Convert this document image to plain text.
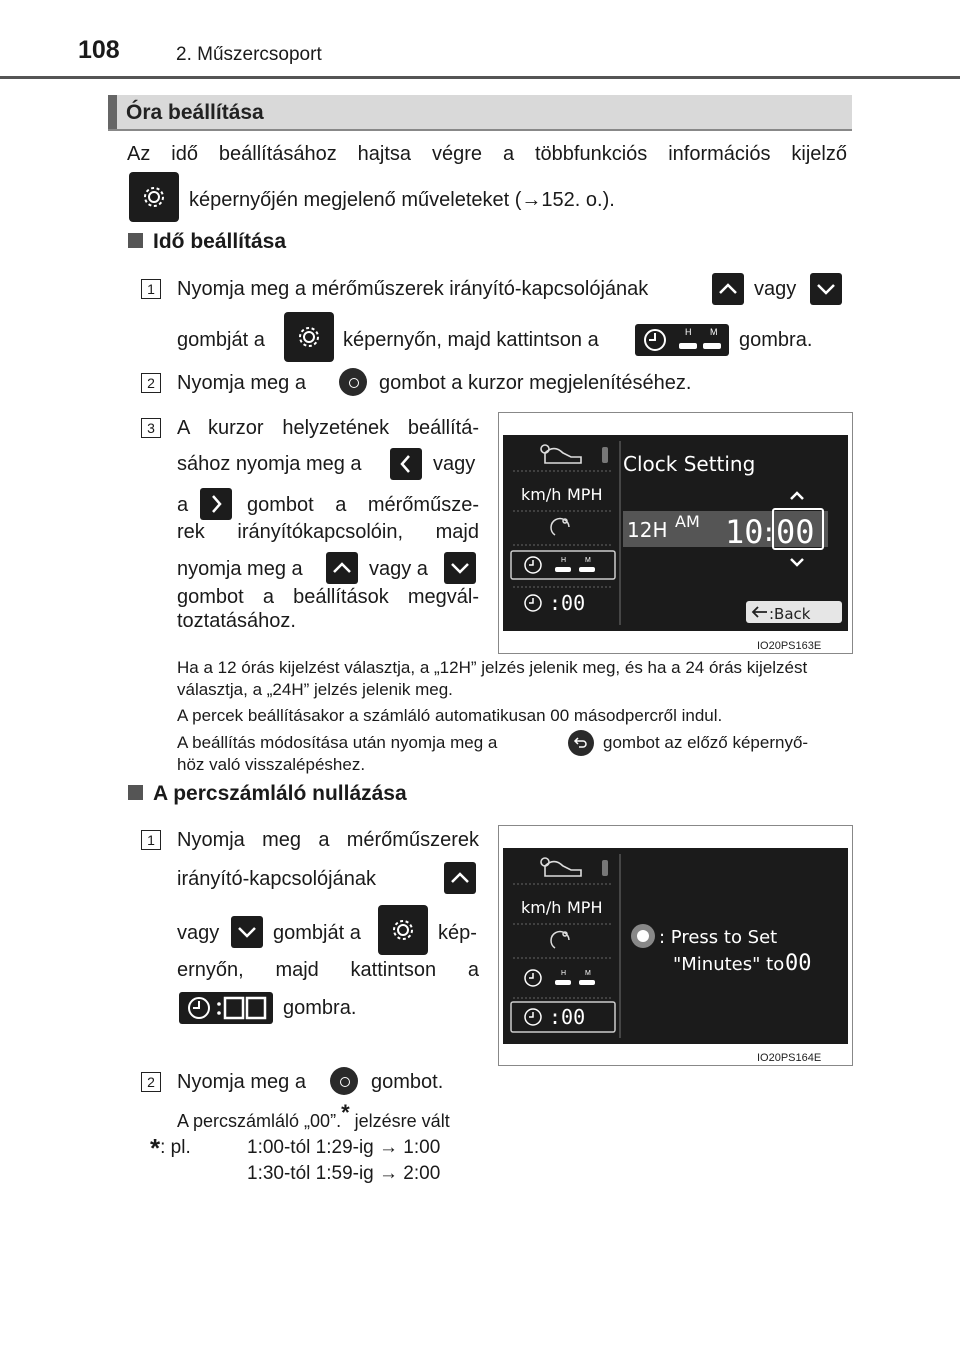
108	2. Műszercsoport
Óra beállítása
Az idő beállításához hajtsa végre a többfunkciós információs kijelző
képernyőjén megjelenő műveleteket (→152. o.).
Idő beállítása
1	Nyomja meg a mérőműszerek irányító-kapcsolójának	vagy
gombját a	képernyőn, majd kattintson a	H M gombra.
2	Nyomja meg a	gombot a kurzor megjelenítéséhez.
3	A kurzor helyzetének beállítá-
sához nyomja meg a	vagy
a	gombot a mérőműsze-
rek irányítókapcsolóin, majd
nyomja meg a	vagy a
gombot a beállítások megvál-
toztatásához.
km/h MPH
H	M
:00
Clock Setting
12H AM 10
: 00
:Back
IO20PS163E
Ha a 12 órás kijelzést választja, a „12H” jelzés jelenik meg, és ha a 24 órás kijelzést választja, a „24H” jelzés jelenik meg.
A percek beállításakor a számláló automatikusan 00 másodpercről indul.
A beállítás módosítása után nyomja meg a	gombot az előző képernyő-
höz való visszalépéshez.
A percszámláló nullázása
1	Nyomja meg a mérőműszerek
irányító-kapcsolójának
vagy	gombját a	kép-
ernyőn, majd kattintson a
gombra.
km/h MPH
H	M
:00
: Press to Set
"Minutes" to 00
IO20PS164E
2	Nyomja meg a	gombot.
A percszámláló „00”.* jelzésre vált
*: pl.	1:00-tól 1:29-ig → 1:00
1:30-tól 1:59-ig → 2:00
